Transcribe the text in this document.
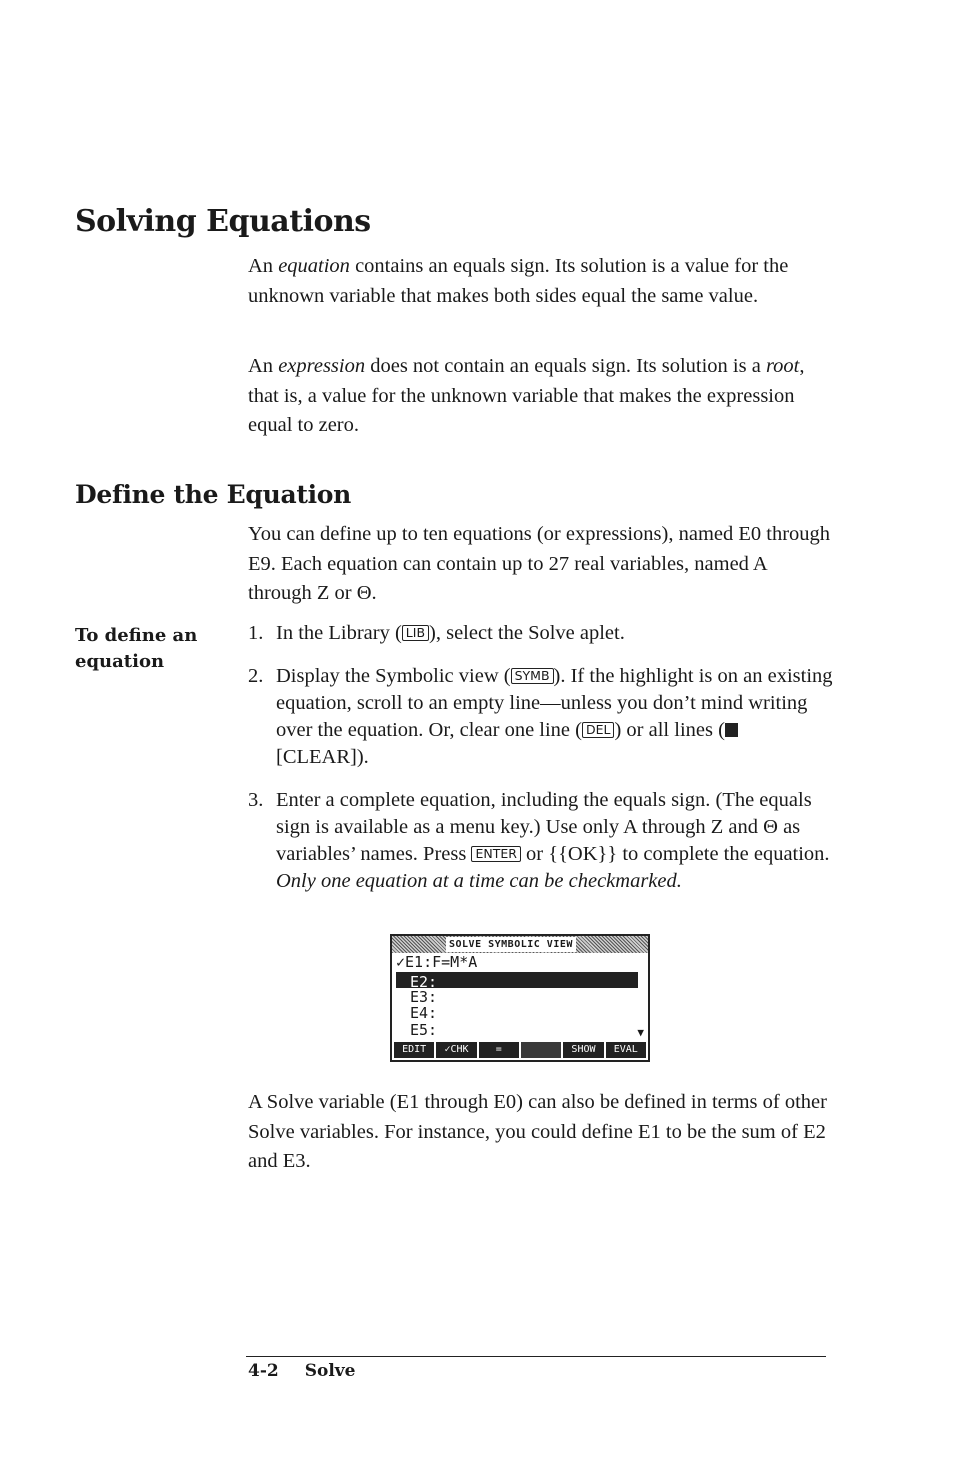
Solving Equations

An equation contains an equals sign. Its solution is a value for the unknown variable that makes both sides equal the same value.

An expression does not contain an equals sign. Its solution is a root, that is, a value for the unknown variable that makes the expression equal to zero.

Define the Equation

You can define up to ten equations (or expressions), named E0 through E9. Each equation can contain up to 27 real variables, named A through Z or Θ.

To define an equation
1. In the Library ( LIB ), select the Solve aplet.
2. Display the Symbolic view ( SYMB ). If the highlight is on an existing equation, scroll to an empty line—unless you don’t mind writing over the equation. Or, clear one line ( DEL ) or all lines ([CLEAR]).
3. Enter a complete equation, including the equals sign. (The equals sign is available as a menu key.) Use only A through Z and Θ as variables’ names. Press ENTER or {{OK}} to complete the equation. Only one equation at a time can be checkmarked.
SOLVE SYMBOLIC VIEW
✓E1:F=M*A
E2:
E3:
E4:
E5:	▼
EDIT	✓CHK	=	SHOW	EVAL

A Solve variable (E1 through E0) can also be defined in terms of other Solve variables. For instance, you could define E1 to be the sum of E2 and E3.

4-2 Solve
